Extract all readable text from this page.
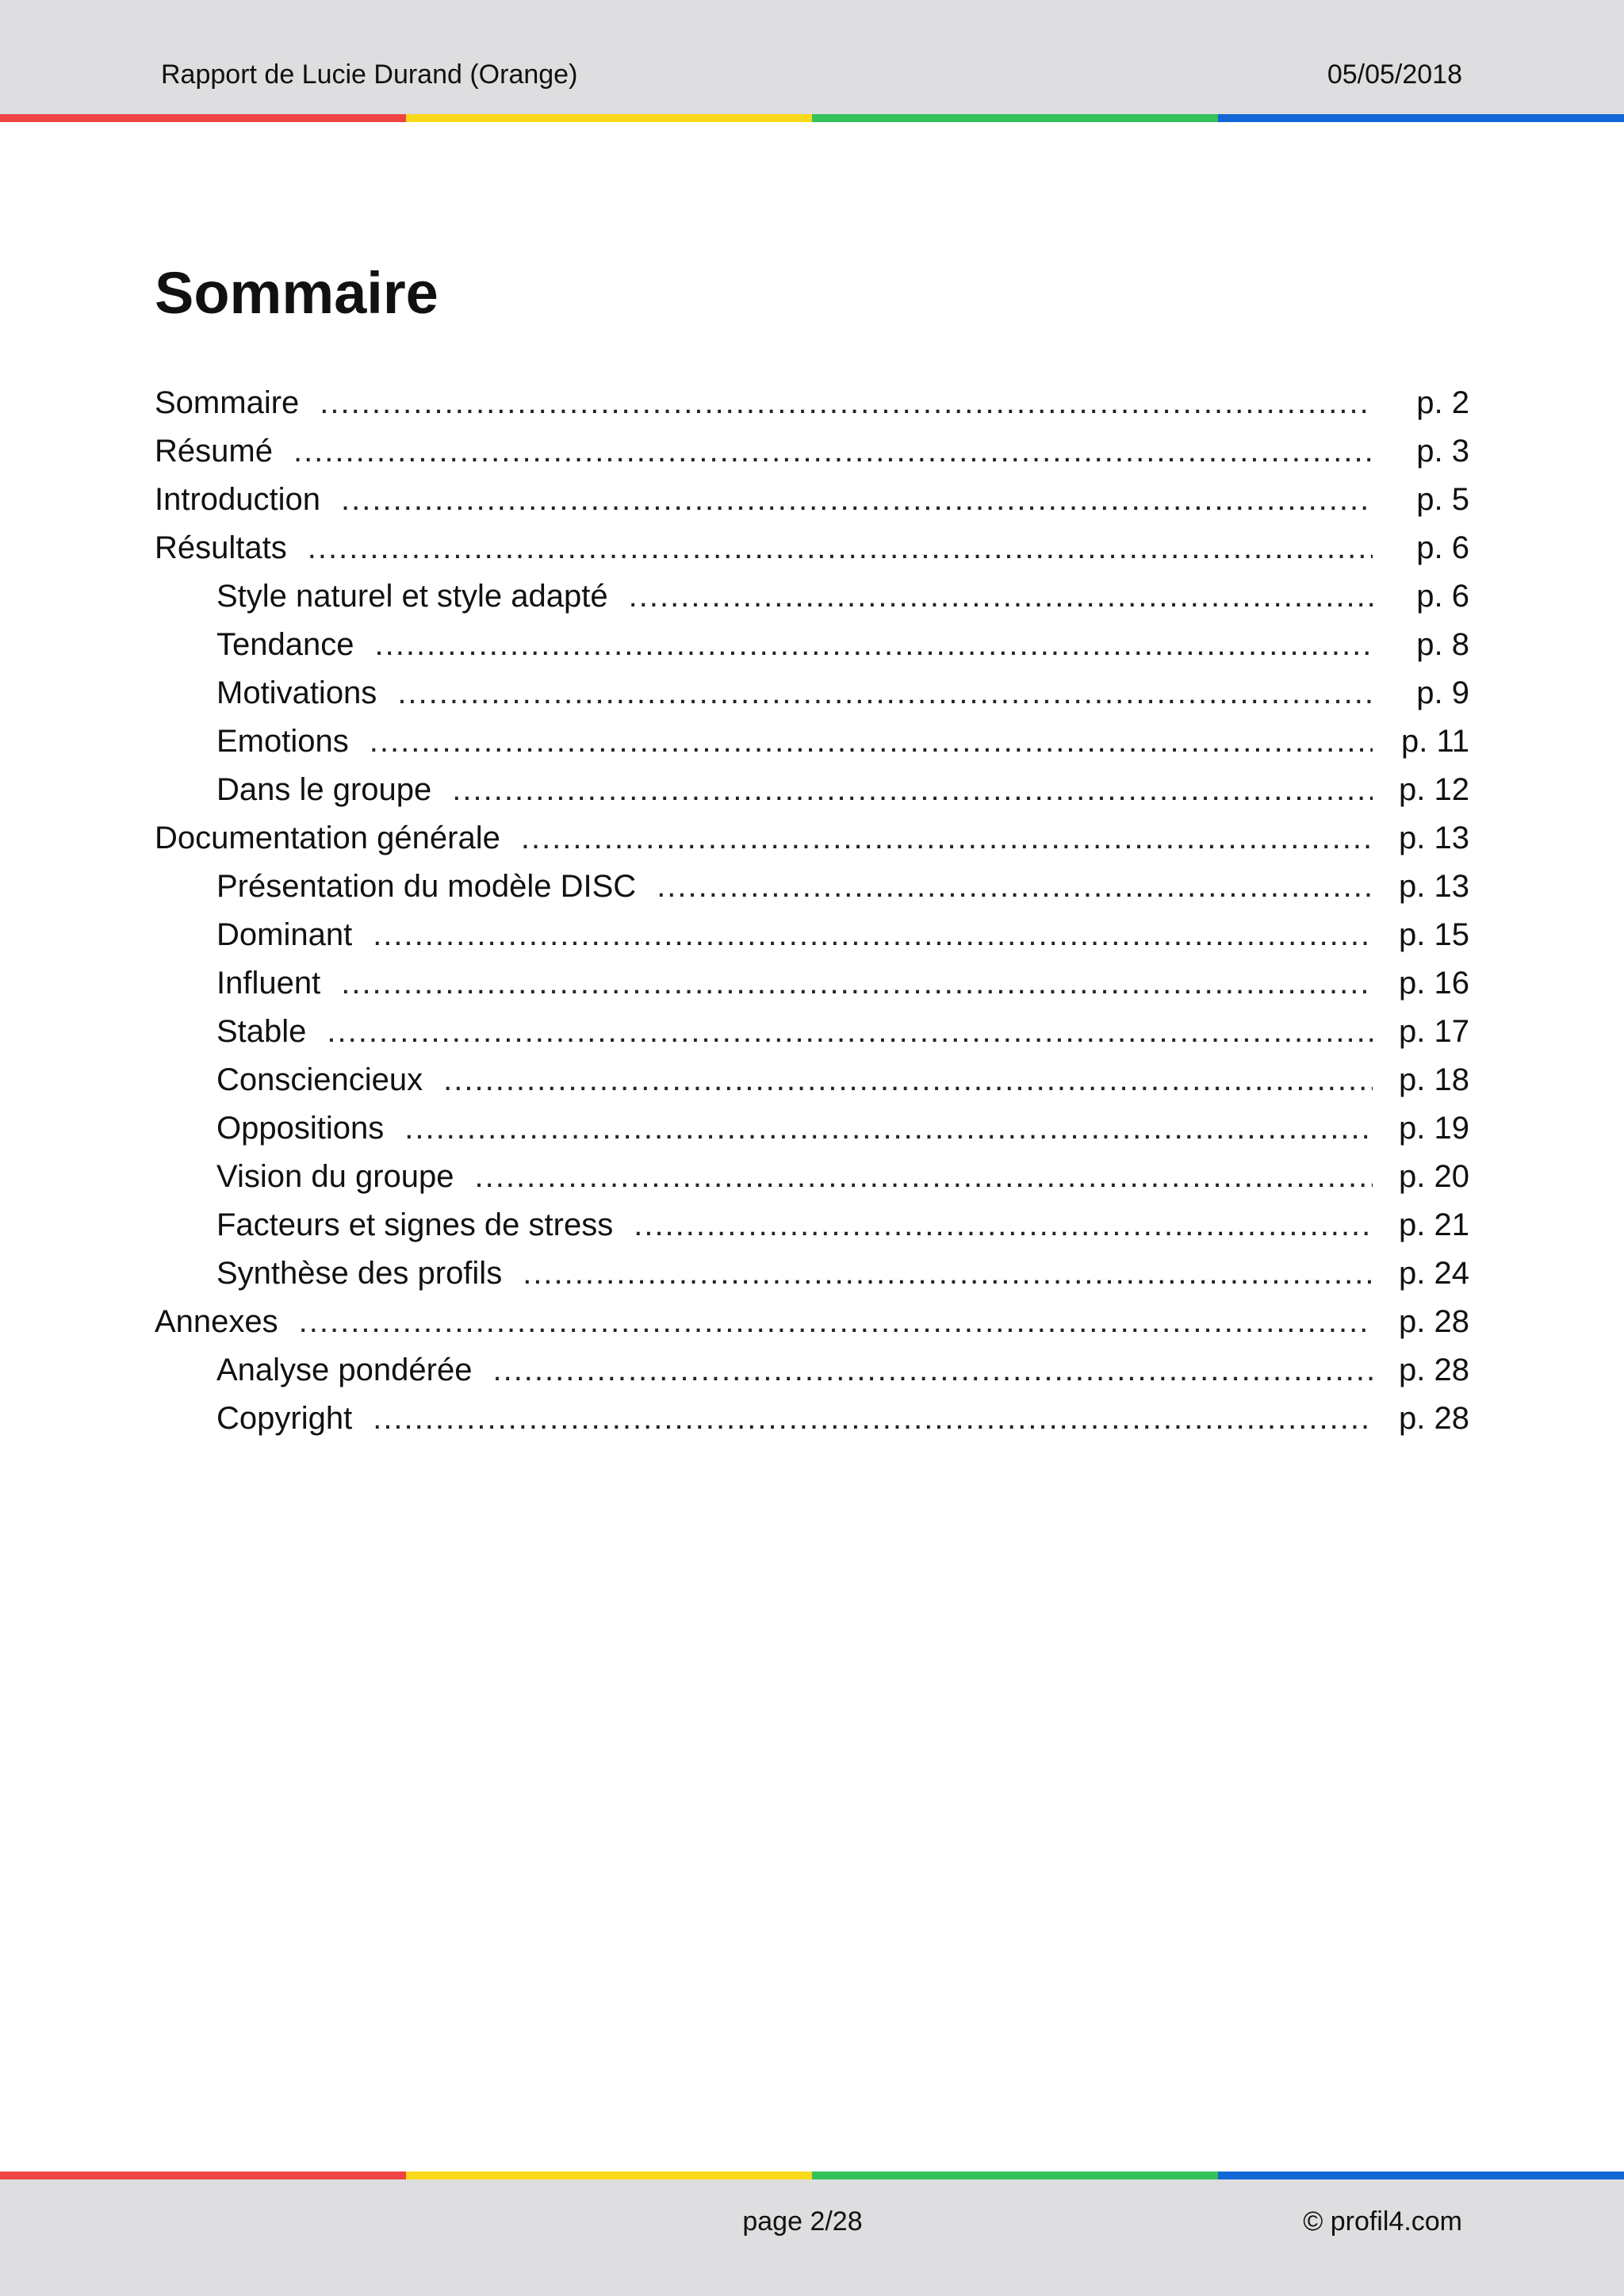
Rapport de Lucie Durand (Orange)	05/05/2018
Sommaire
Sommaire .....	p. 2
Résumé .....	p. 3
Introduction .....	p. 5
Résultats .....	p. 6
Style naturel et style adapté .....	p. 6
Tendance .....	p. 8
Motivations .....	p. 9
Emotions .....	p. 11
Dans le groupe .....	p. 12
Documentation générale .....	p. 13
Présentation du modèle DISC .....	p. 13
Dominant .....	p. 15
Influent .....	p. 16
Stable .....	p. 17
Consciencieux .....	p. 18
Oppositions .....	p. 19
Vision du groupe .....	p. 20
Facteurs et signes de stress .....	p. 21
Synthèse des profils .....	p. 24
Annexes .....	p. 28
Analyse pondérée .....	p. 28
Copyright .....	p. 28
page 2/28	© profil4.com
